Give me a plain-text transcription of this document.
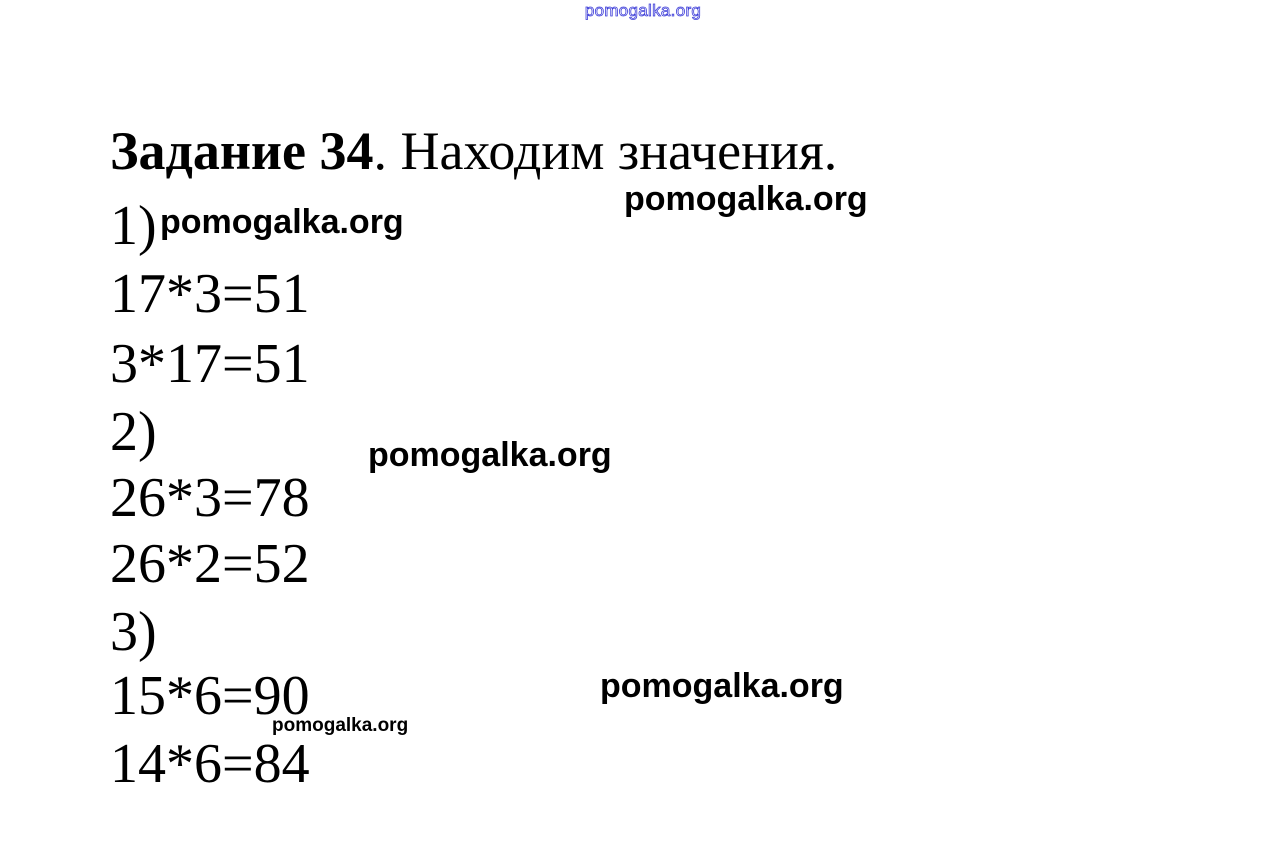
pomogalka.org
Задание 34. Находим значения.
1)
17*3=51
3*17=51
2)
26*3=78
26*2=52
3)
15*6=90
14*6=84
pomogalka.org
pomogalka.org
pomogalka.org
pomogalka.org
pomogalka.org
